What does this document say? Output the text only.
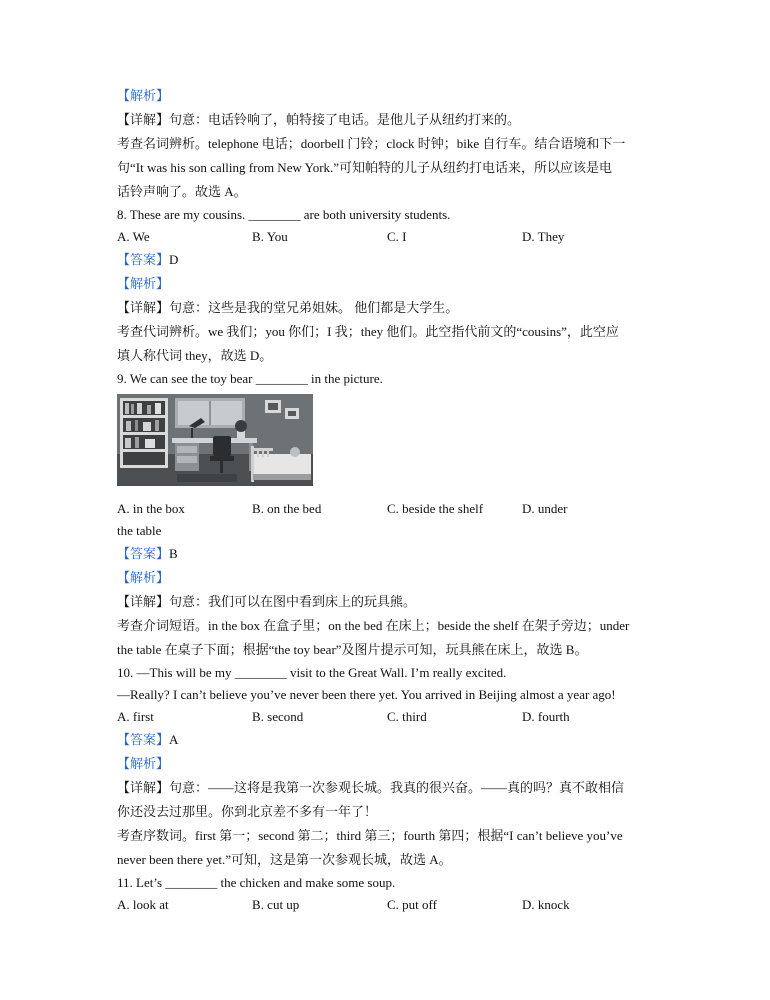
【解析】
【详解】句意：电话铃响了，帕特接了电话。是他儿子从纽约打来的。
考查名词辨析。telephone 电话；doorbell 门铃；clock 时钟；bike 自行车。结合语境和下一
句“It was his son calling from New York.”可知帕特的儿子从纽约打电话来，所以应该是电
话铃声响了。故选 A。
8. These are my cousins. ________ are both university students.
A. We	B. You	C. I	D. They
【答案】D
【解析】
【详解】句意：这些是我的堂兄弟姐妹。 他们都是大学生。
考查代词辨析。we 我们；you 你们；I 我；they 他们。此空指代前文的“cousins”，此空应
填人称代词 they，故选 D。
9. We can see the toy bear ________ in the picture.
A. in the box	B. on the bed	C. beside the shelf	D. under
the table
【答案】B
【解析】
【详解】句意：我们可以在图中看到床上的玩具熊。
考查介词短语。in the box 在盒子里；on the bed 在床上；beside the shelf 在架子旁边；under
the table 在桌子下面；根据“the toy bear”及图片提示可知，玩具熊在床上，故选 B。
10. —This will be my ________ visit to the Great Wall. I’m really excited.
—Really? I can’t believe you’ve never been there yet. You arrived in Beijing almost a year ago!
A. first	B. second	C. third	D. fourth
【答案】A
【解析】
【详解】句意：——这将是我第一次参观长城。我真的很兴奋。——真的吗？真不敢相信
你还没去过那里。你到北京差不多有一年了！
考查序数词。first 第一；second 第二；third 第三；fourth 第四；根据“I can’t believe you’ve
never been there yet.”可知，这是第一次参观长城，故选 A。
11. Let’s ________ the chicken and make some soup.
A. look at	B. cut up	C. put off	D. knock
